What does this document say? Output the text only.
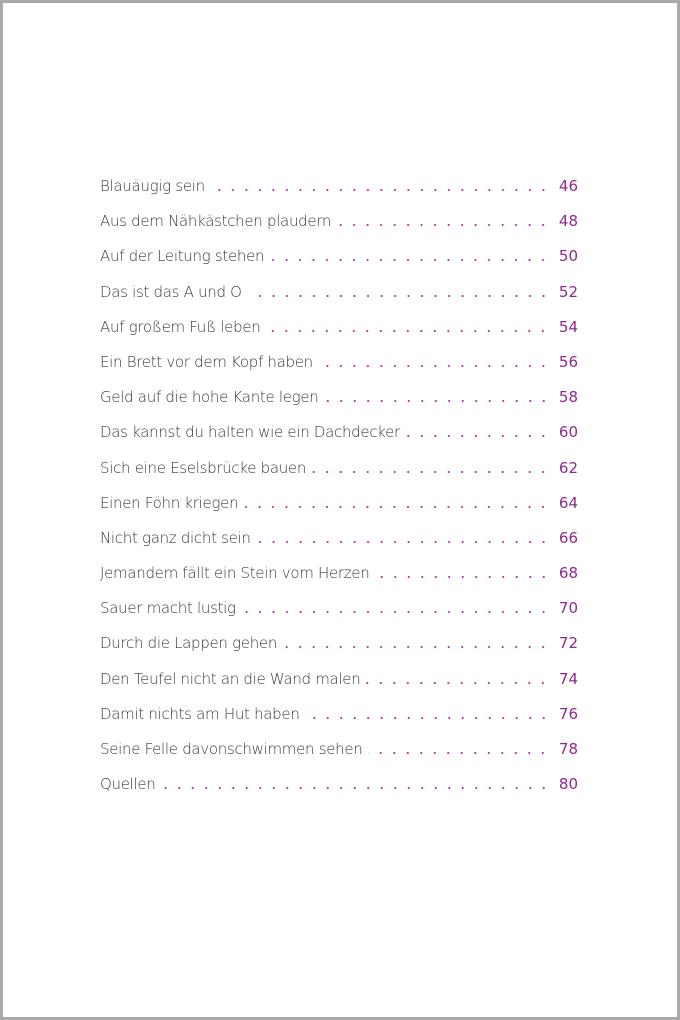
Blauäugig sein	46
Aus dem Nähkästchen plaudern	48
Auf der Leitung stehen	50
Das ist das A und O	52
Auf großem Fuß leben	54
Ein Brett vor dem Kopf haben	56
Geld auf die hohe Kante legen	58
Das kannst du halten wie ein Dachdecker	60
Sich eine Eselsbrücke bauen	62
Einen Föhn kriegen	64
Nicht ganz dicht sein	66
Jemandem fällt ein Stein vom Herzen	68
Sauer macht lustig	70
Durch die Lappen gehen	72
Den Teufel nicht an die Wand malen	74
Damit nichts am Hut haben	76
Seine Felle davonschwimmen sehen	78
Quellen	80
